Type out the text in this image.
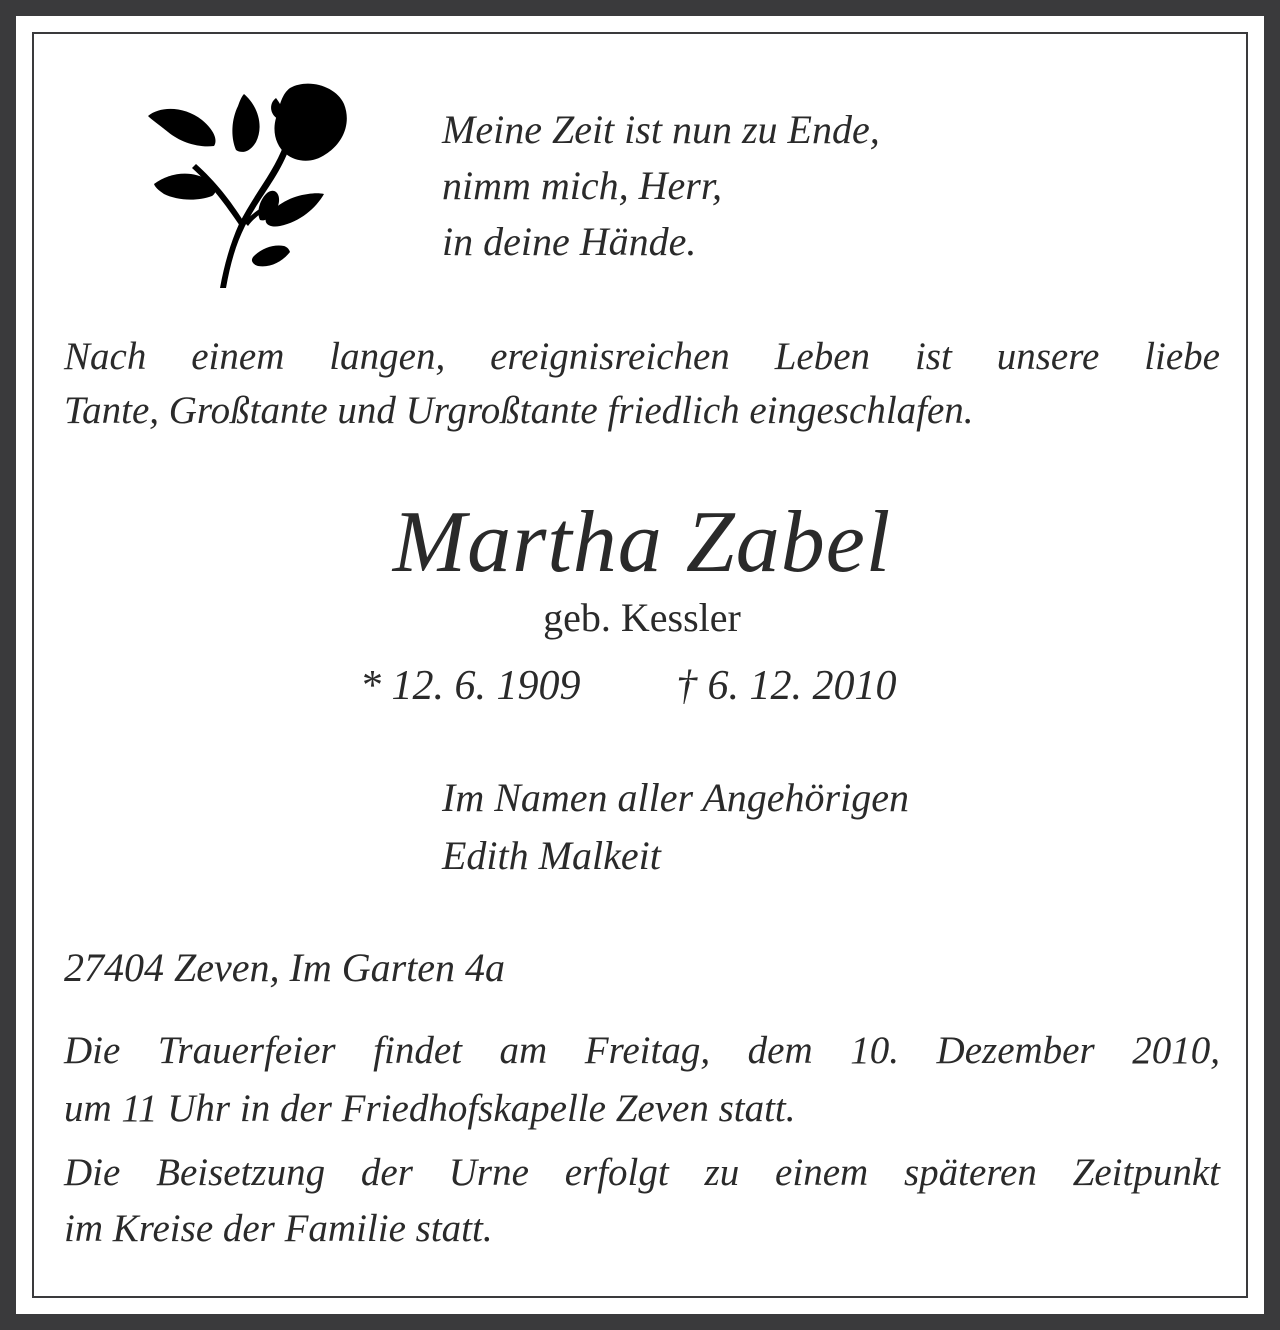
Meine Zeit ist nun zu Ende,

nimm mich, Herr,

in deine Hände.

Nach einem langen, ereignisreichen Leben ist unsere liebe

Tante, Großtante und Urgroßtante friedlich eingeschlafen.

Martha Zabel

geb. Kessler

* 12. 6. 1909 † 6. 12. 2010

Im Namen aller Angehörigen

Edith Malkeit

27404 Zeven, Im Garten 4a

Die Trauerfeier findet am Freitag, dem 10. Dezember 2010,

um 11 Uhr in der Friedhofskapelle Zeven statt.

Die Beisetzung der Urne erfolgt zu einem späteren Zeitpunkt

im Kreise der Familie statt.
